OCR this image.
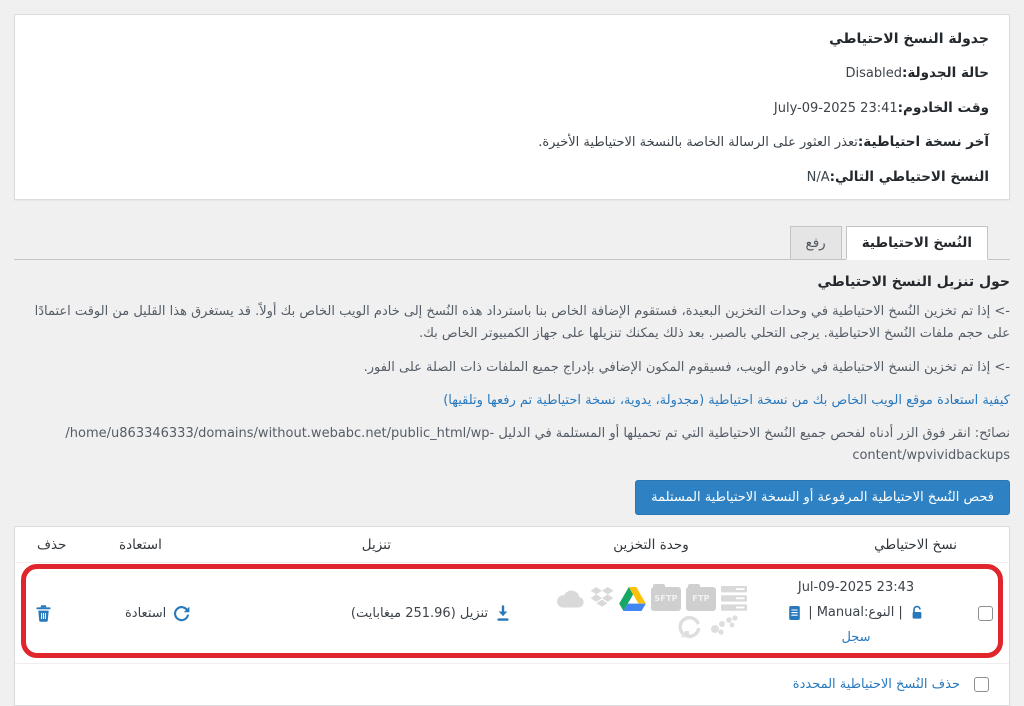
جدولة النسخ الاحتياطي
حالة الجدولة:Disabled
وقت الخادوم:July-09-2025 23:41
آخر نسخة احتياطية:تعذر العثور على الرسالة الخاصة بالنسخة الاحتياطية الأخيرة.
النسخ الاحتياطي التالي:N/A
النُسخ الاحتياطية
رفع
حول تنزيل النسخ الاحتياطي

-> إذا تم تخزين النُسخ الاحتياطية في وحدات التخزين البعيدة، فستقوم الإضافة الخاص بنا باسترداد هذه النُسخ إلى خادم الويب الخاص بك أولاً. قد يستغرق هذا القليل من الوقت اعتمادًا على حجم ملفات النُسخ الاحتياطية. يرجى التحلي بالصبر. بعد ذلك يمكنك تنزيلها على جهاز الكمبيوتر الخاص بك.

-> إذا تم تخزين النسخ الاحتياطية في خادوم الويب، فسيقوم المكون الإضافي بإدراج جميع الملفات ذات الصلة على الفور.

كيفية استعادة موقع الويب الخاص بك من نسخة احتياطية (مجدولة، يدوية، نسخة احتياطية تم رفعها وتلقيها)
نصائح: انقر فوق الزر أدناه لفحص جميع النُسخ الاحتياطية التي تم تحميلها أو المستلمة في الدليل /home/u863346333/domains/without.webabc.net/public_html/wp-
content/wpvividbackups
فحص النُسخ الاحتياطية المرفوعة أو النسخة الاحتياطية المستلمة
نسخ الاحتياطي
وحدة التخزين
تنزيل
استعادة
حذف
Jul-09-2025 23:43
| النوع:Manual |
سجل
SFTP	FTP
تنزيل (251.96 ميغابايت)
استعادة
حذف النُسخ الاحتياطية المحددة
